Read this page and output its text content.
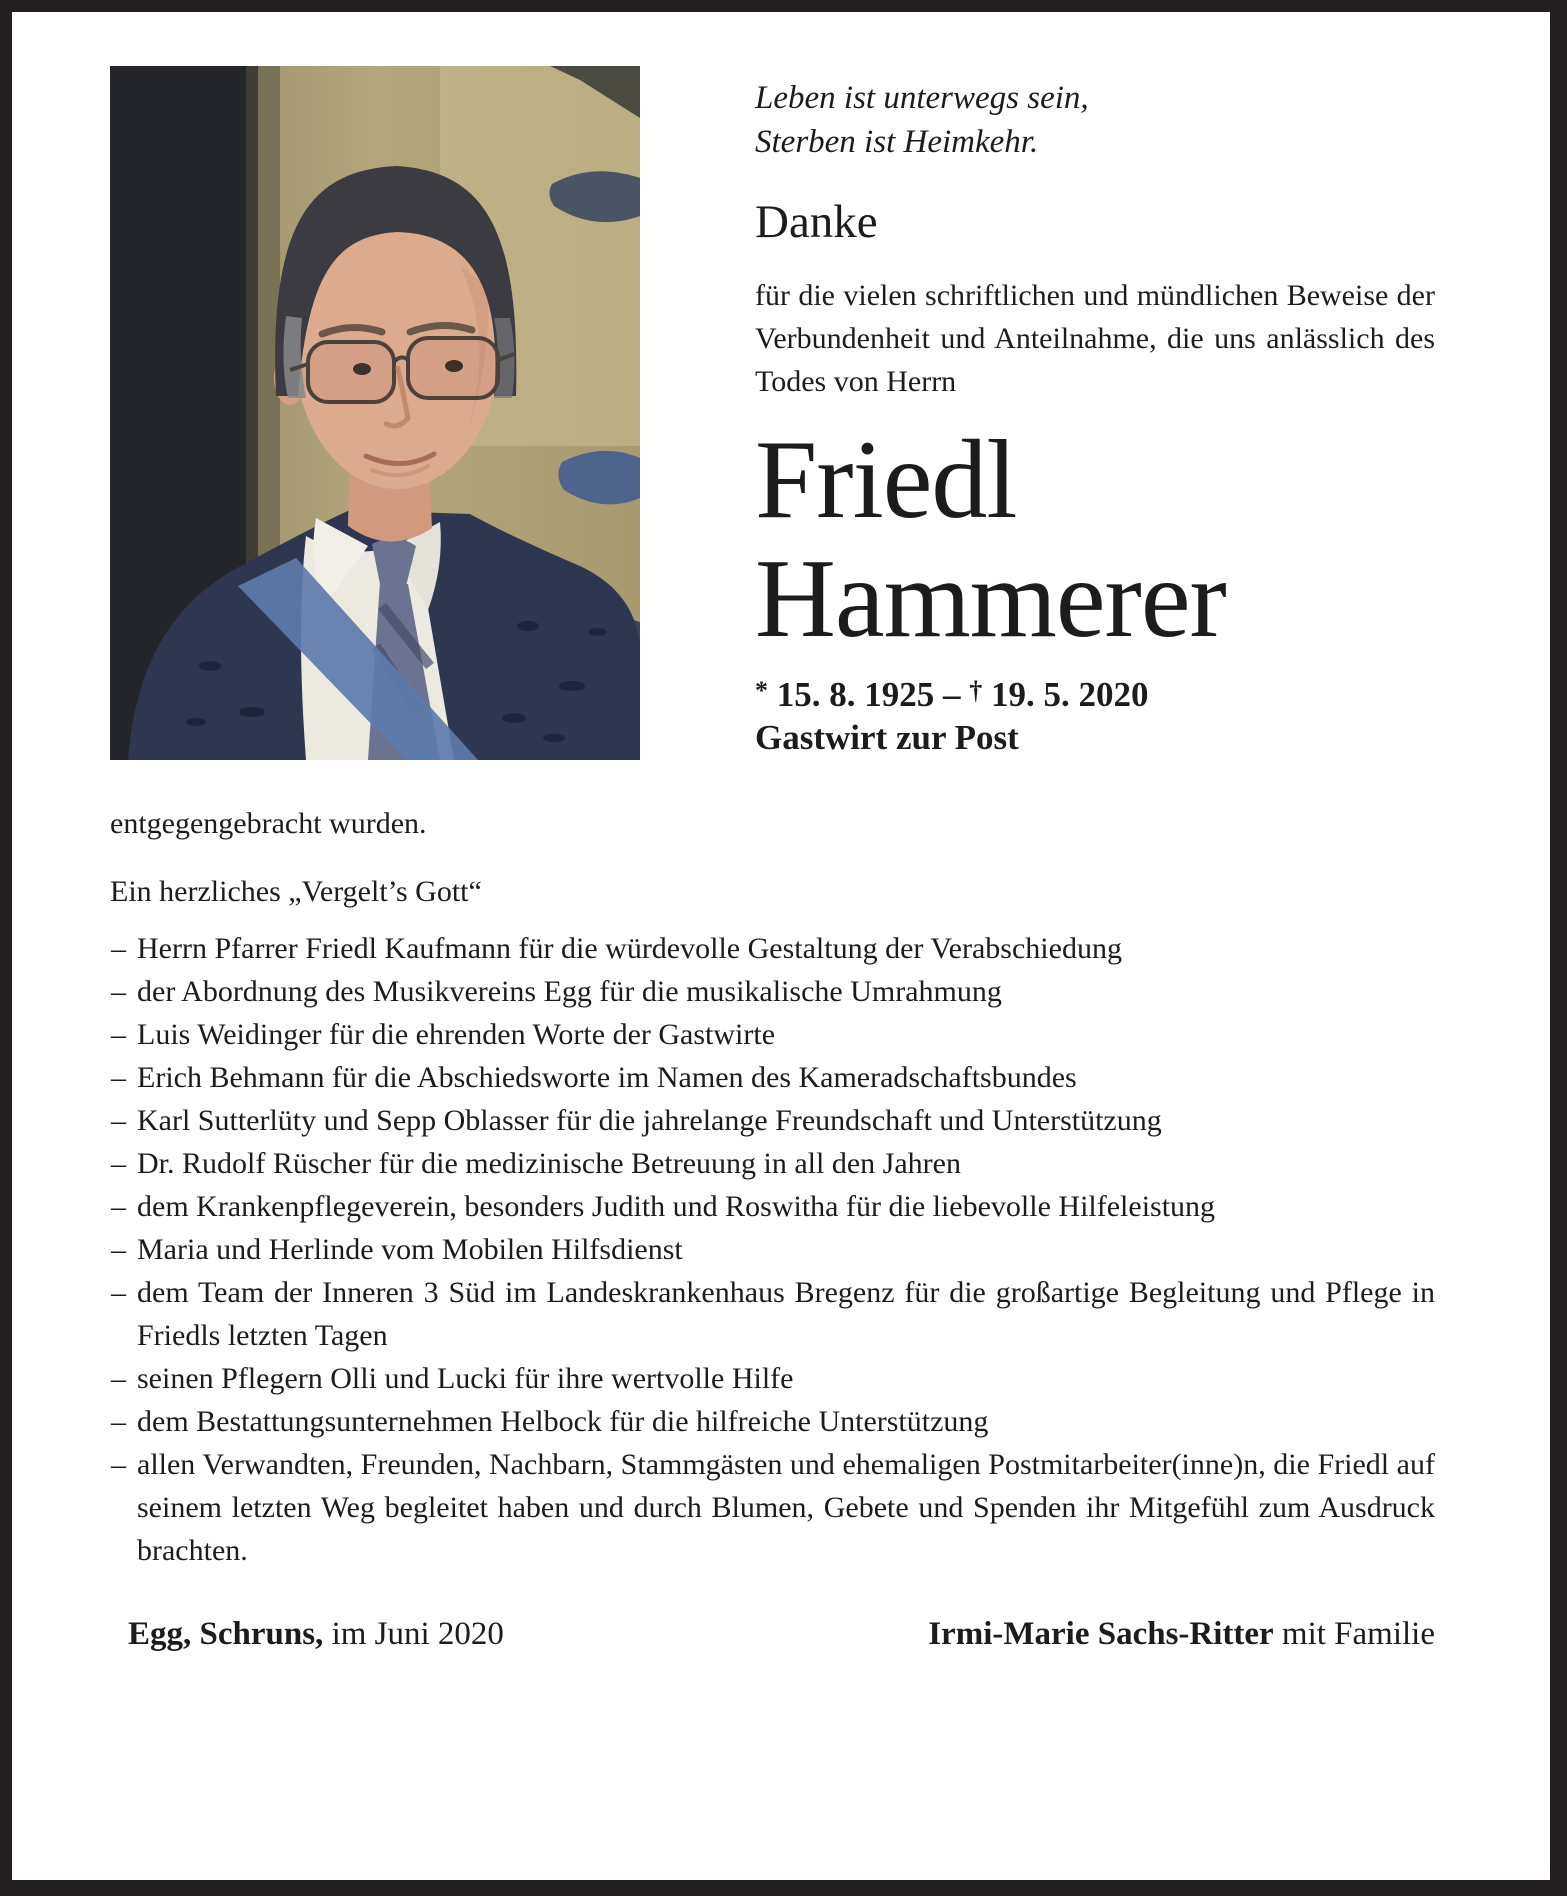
Leben ist unterwegs sein,
Sterben ist Heimkehr.
Danke

für die vielen schriftlichen und mündlichen Beweise der Verbundenheit und Anteilnahme, die uns anlässlich des Todes von Herrn

Friedl
Hammerer
* 15. 8. 1925 – † 19. 5. 2020
Gastwirt zur Post

entgegengebracht wurden.

Ein herzliches „Vergelt’s Gott“

– Herrn Pfarrer Friedl Kaufmann für die würdevolle Gestaltung der Verabschiedung
– der Abordnung des Musikvereins Egg für die musikalische Umrahmung
– Luis Weidinger für die ehrenden Worte der Gastwirte
– Erich Behmann für die Abschiedsworte im Namen des Kameradschaftsbundes
– Karl Sutterlüty und Sepp Oblasser für die jahrelange Freundschaft und Unterstützung
– Dr. Rudolf Rüscher für die medizinische Betreuung in all den Jahren
– dem Krankenpflegeverein, besonders Judith und Roswitha für die liebevolle Hilfeleistung
– Maria und Herlinde vom Mobilen Hilfsdienst
– dem Team der Inneren 3 Süd im Landeskrankenhaus Bregenz für die großartige Begleitung und Pflege in Friedls letzten Tagen
– seinen Pflegern Olli und Lucki für ihre wertvolle Hilfe
– dem Bestattungsunternehmen Helbock für die hilfreiche Unterstützung
– allen Verwandten, Freunden, Nachbarn, Stammgästen und ehemaligen Postmitarbeiter(inne)n, die Friedl auf seinem letzten Weg begleitet haben und durch Blumen, Gebete und Spenden ihr Mitgefühl zum Ausdruck brachten.
Egg, Schruns, im Juni 2020	Irmi-Marie Sachs-Ritter mit Familie
